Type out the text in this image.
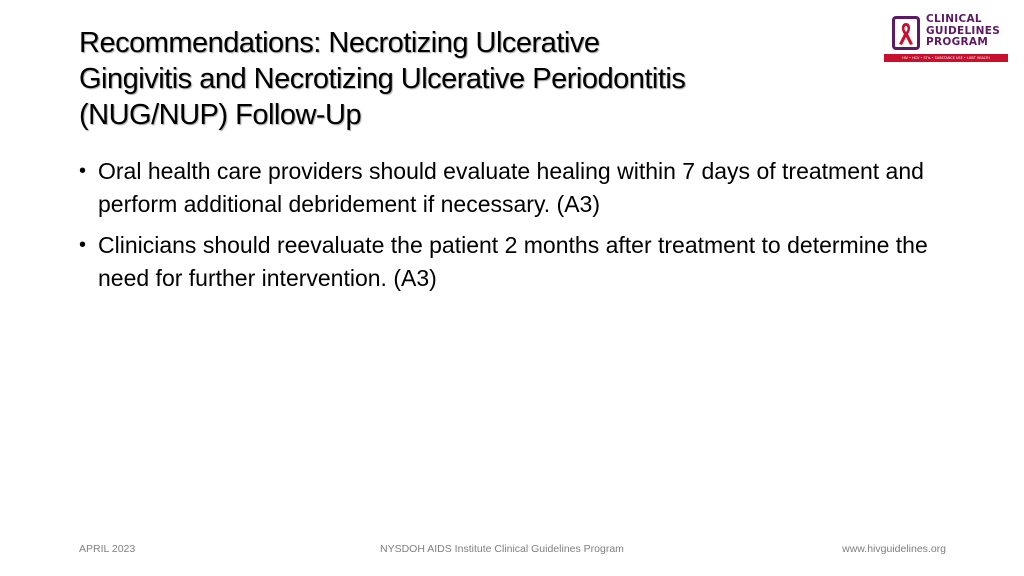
Recommendations: Necrotizing Ulcerative
Gingivitis and Necrotizing Ulcerative Periodontitis
(NUG/NUP) Follow-Up
• Oral health care providers should evaluate healing within 7 days of treatment and perform additional debridement if necessary. (A3)
• Clinicians should reevaluate the patient 2 months after treatment to determine the need for further intervention. (A3)
CLINICAL
GUIDELINES
PROGRAM
HIV • HCV • STIs • SUBSTANCE USE • LGBT HEALTH
APRIL 2023	NYSDOH AIDS Institute Clinical Guidelines Program	www.hivguidelines.org
